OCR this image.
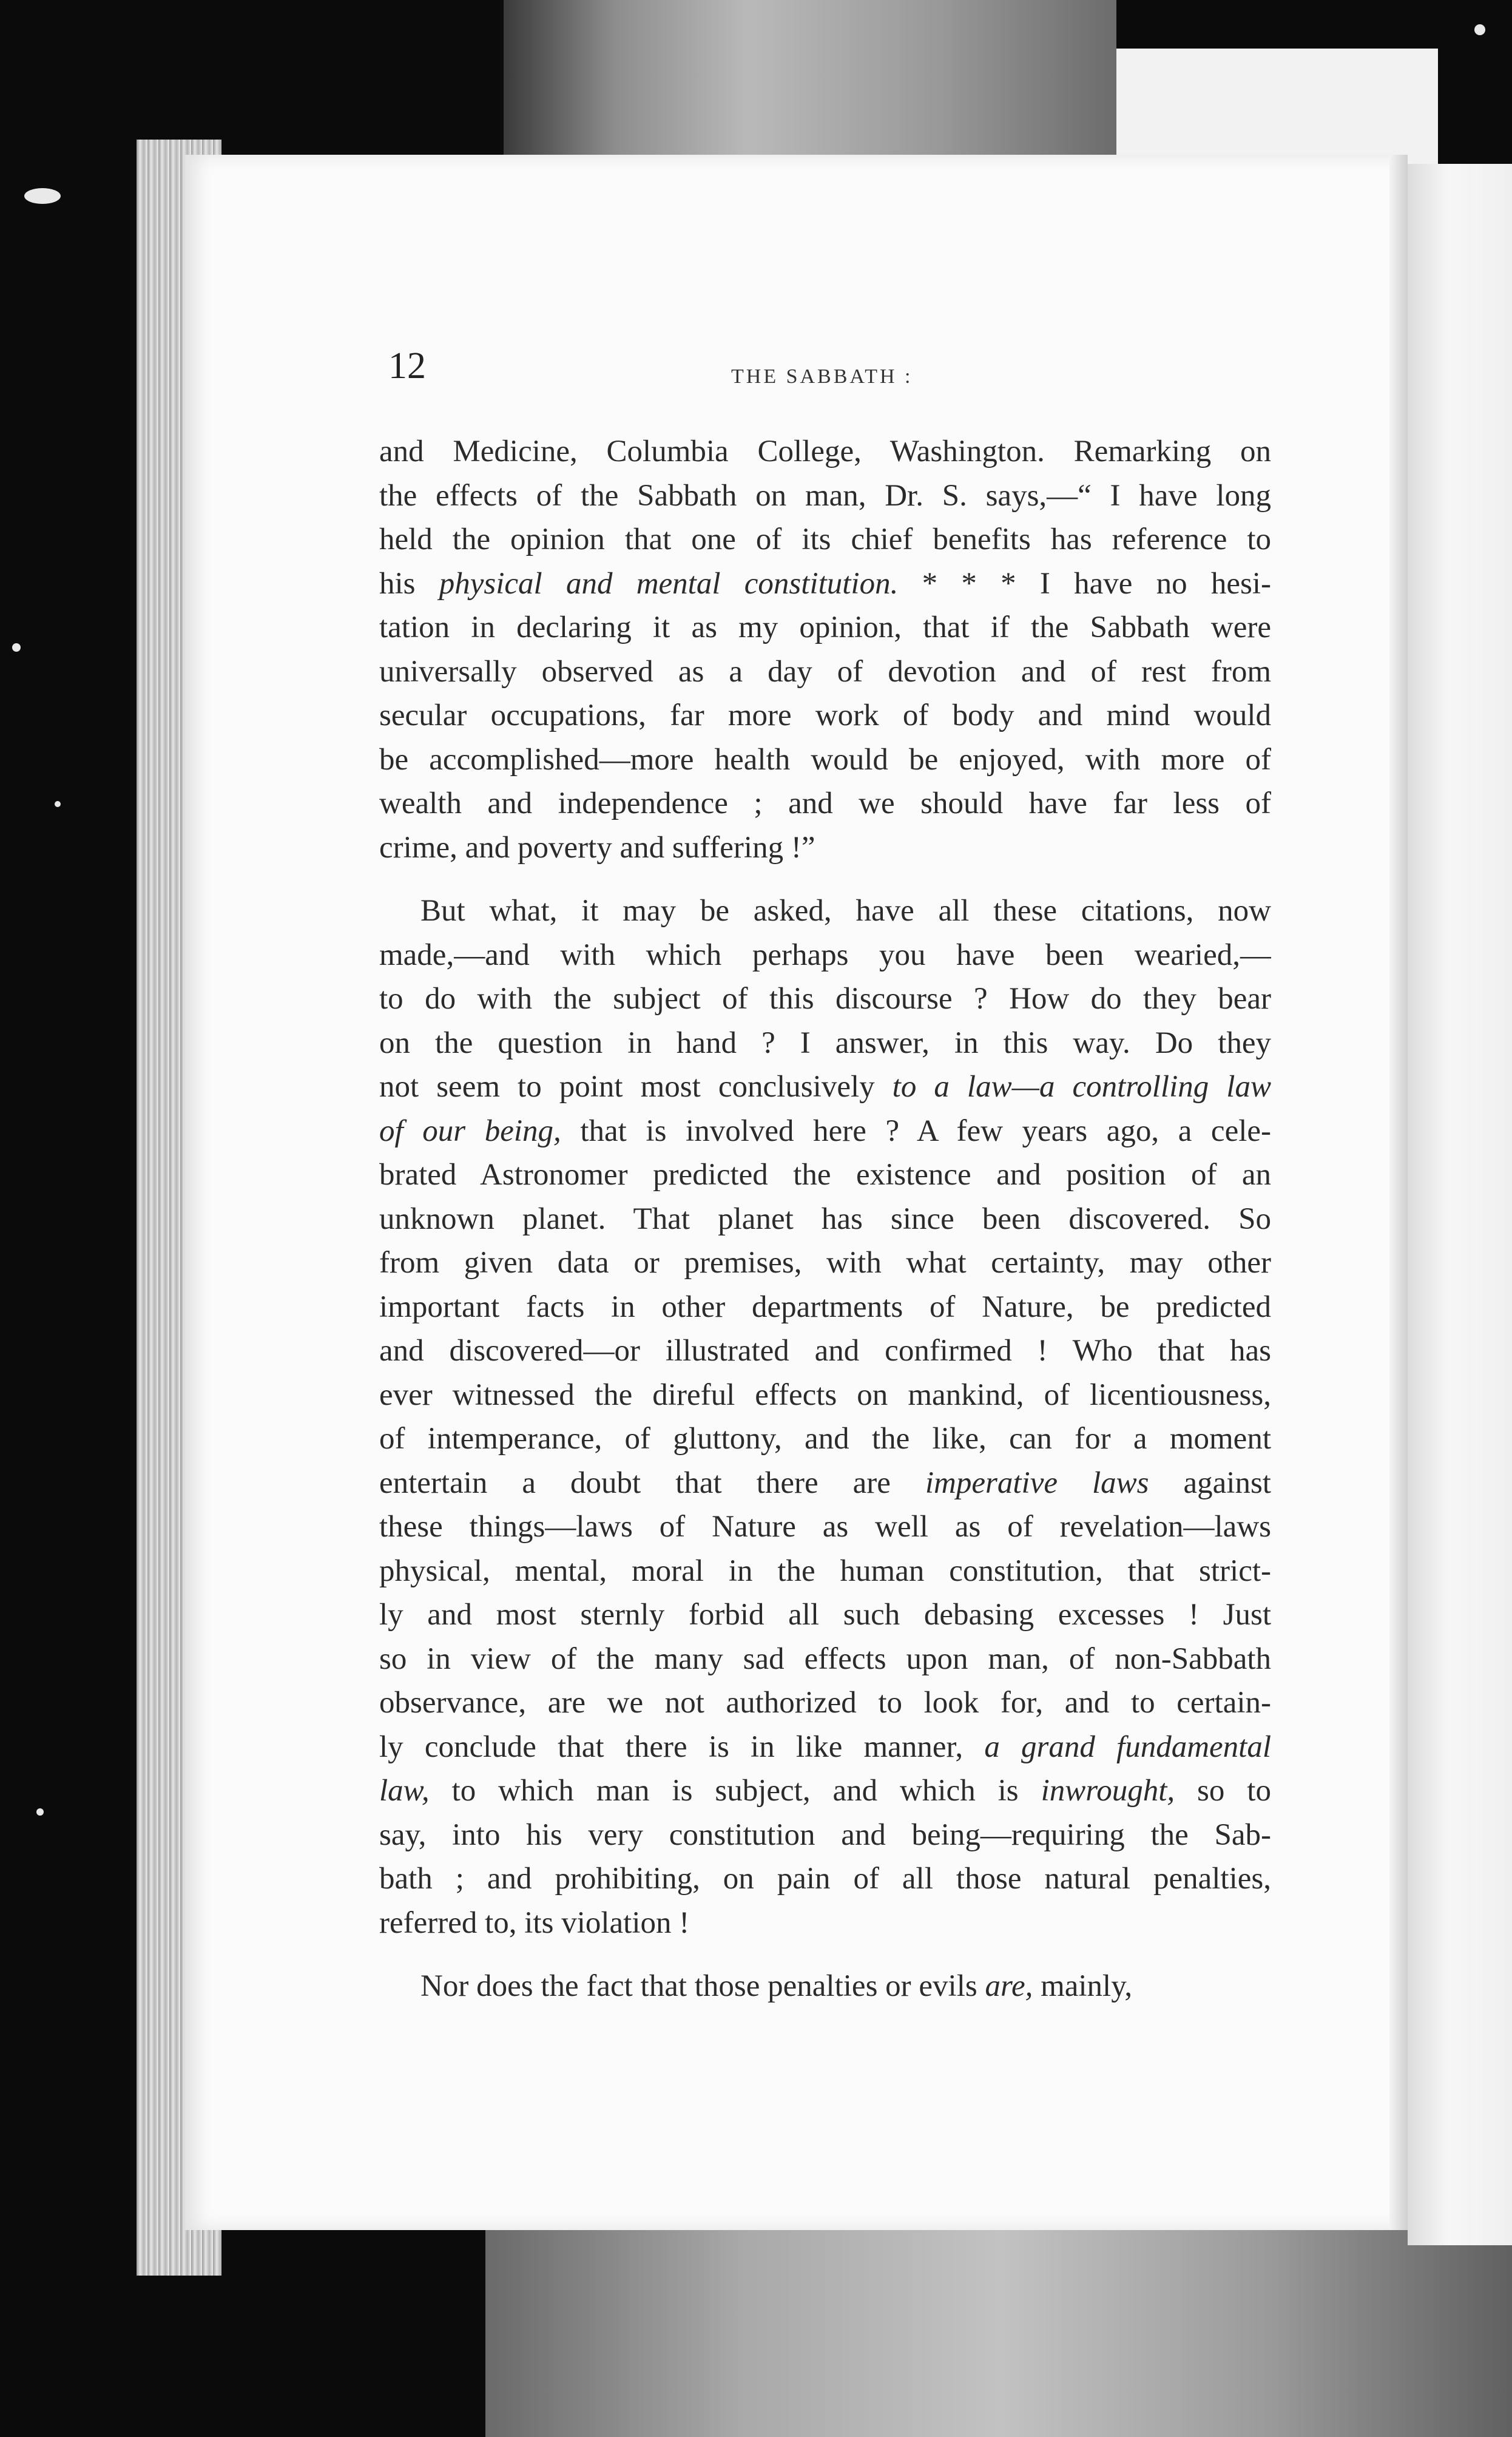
12	THE SABBATH :
and Medicine, Columbia College, Washington. Remarking on
the effects of the Sabbath on man, Dr. S. says,—“ I have long
held the opinion that one of its chief benefits has reference to
his physical and mental constitution. * * * I have no hesi-
tation in declaring it as my opinion, that if the Sabbath were
universally observed as a day of devotion and of rest from
secular occupations, far more work of body and mind would
be accomplished—more health would be enjoyed, with more of
wealth and independence ; and we should have far less of
crime, and poverty and suffering !”
But what, it may be asked, have all these citations, now
made,—and with which perhaps you have been wearied,—
to do with the subject of this discourse ? How do they bear
on the question in hand ? I answer, in this way. Do they
not seem to point most conclusively to a law—a controlling law
of our being, that is involved here ? A few years ago, a cele-
brated Astronomer predicted the existence and position of an
unknown planet. That planet has since been discovered. So
from given data or premises, with what certainty, may other
important facts in other departments of Nature, be predicted
and discovered—or illustrated and confirmed ! Who that has
ever witnessed the direful effects on mankind, of licentiousness,
of intemperance, of gluttony, and the like, can for a moment
entertain a doubt that there are imperative laws against
these things—laws of Nature as well as of revelation—laws
physical, mental, moral in the human constitution, that strict-
ly and most sternly forbid all such debasing excesses ! Just
so in view of the many sad effects upon man, of non-Sabbath
observance, are we not authorized to look for, and to certain-
ly conclude that there is in like manner, a grand fundamental
law, to which man is subject, and which is inwrought, so to
say, into his very constitution and being—requiring the Sab-
bath ; and prohibiting, on pain of all those natural penalties,
referred to, its violation !
Nor does the fact that those penalties or evils are, mainly,
